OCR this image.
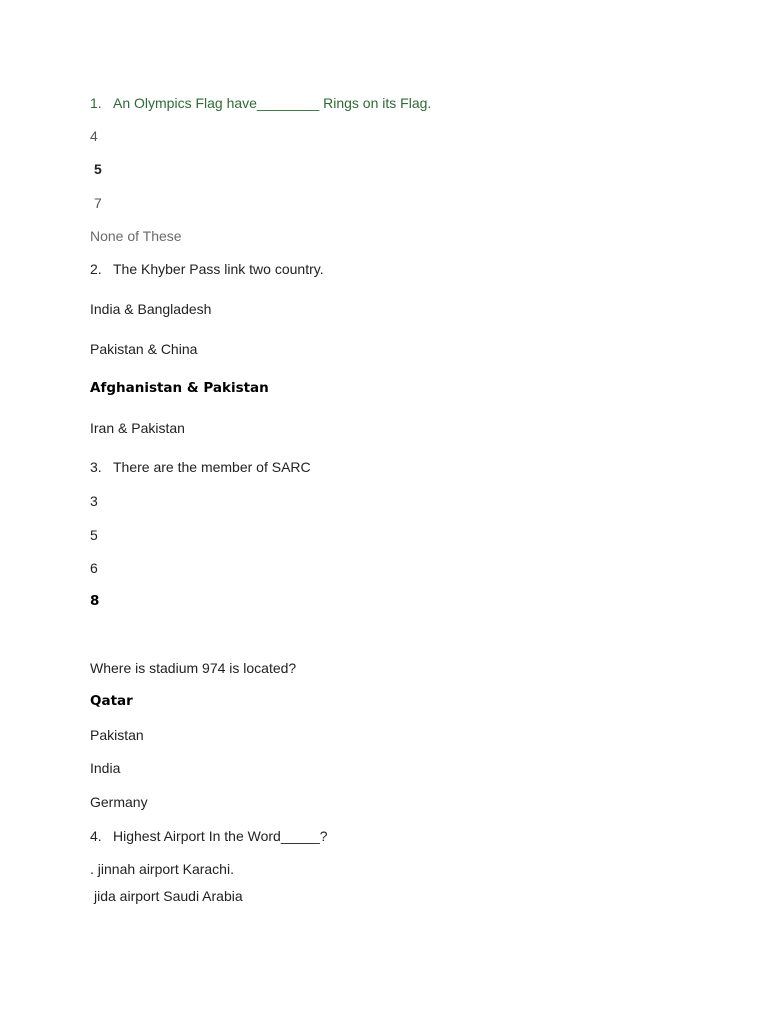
1. An Olympics Flag have________ Rings on its Flag.
4
5
7
None of These
2. The Khyber Pass link two country.
India & Bangladesh
Pakistan & China
Afghanistan & Pakistan
Iran & Pakistan
3. There are the member of SARC
3
5
6
8
Where is stadium 974 is located?
Qatar
Pakistan
India
Germany
4. Highest Airport In the Word_____?
. jinnah airport Karachi.
jida airport Saudi Arabia
